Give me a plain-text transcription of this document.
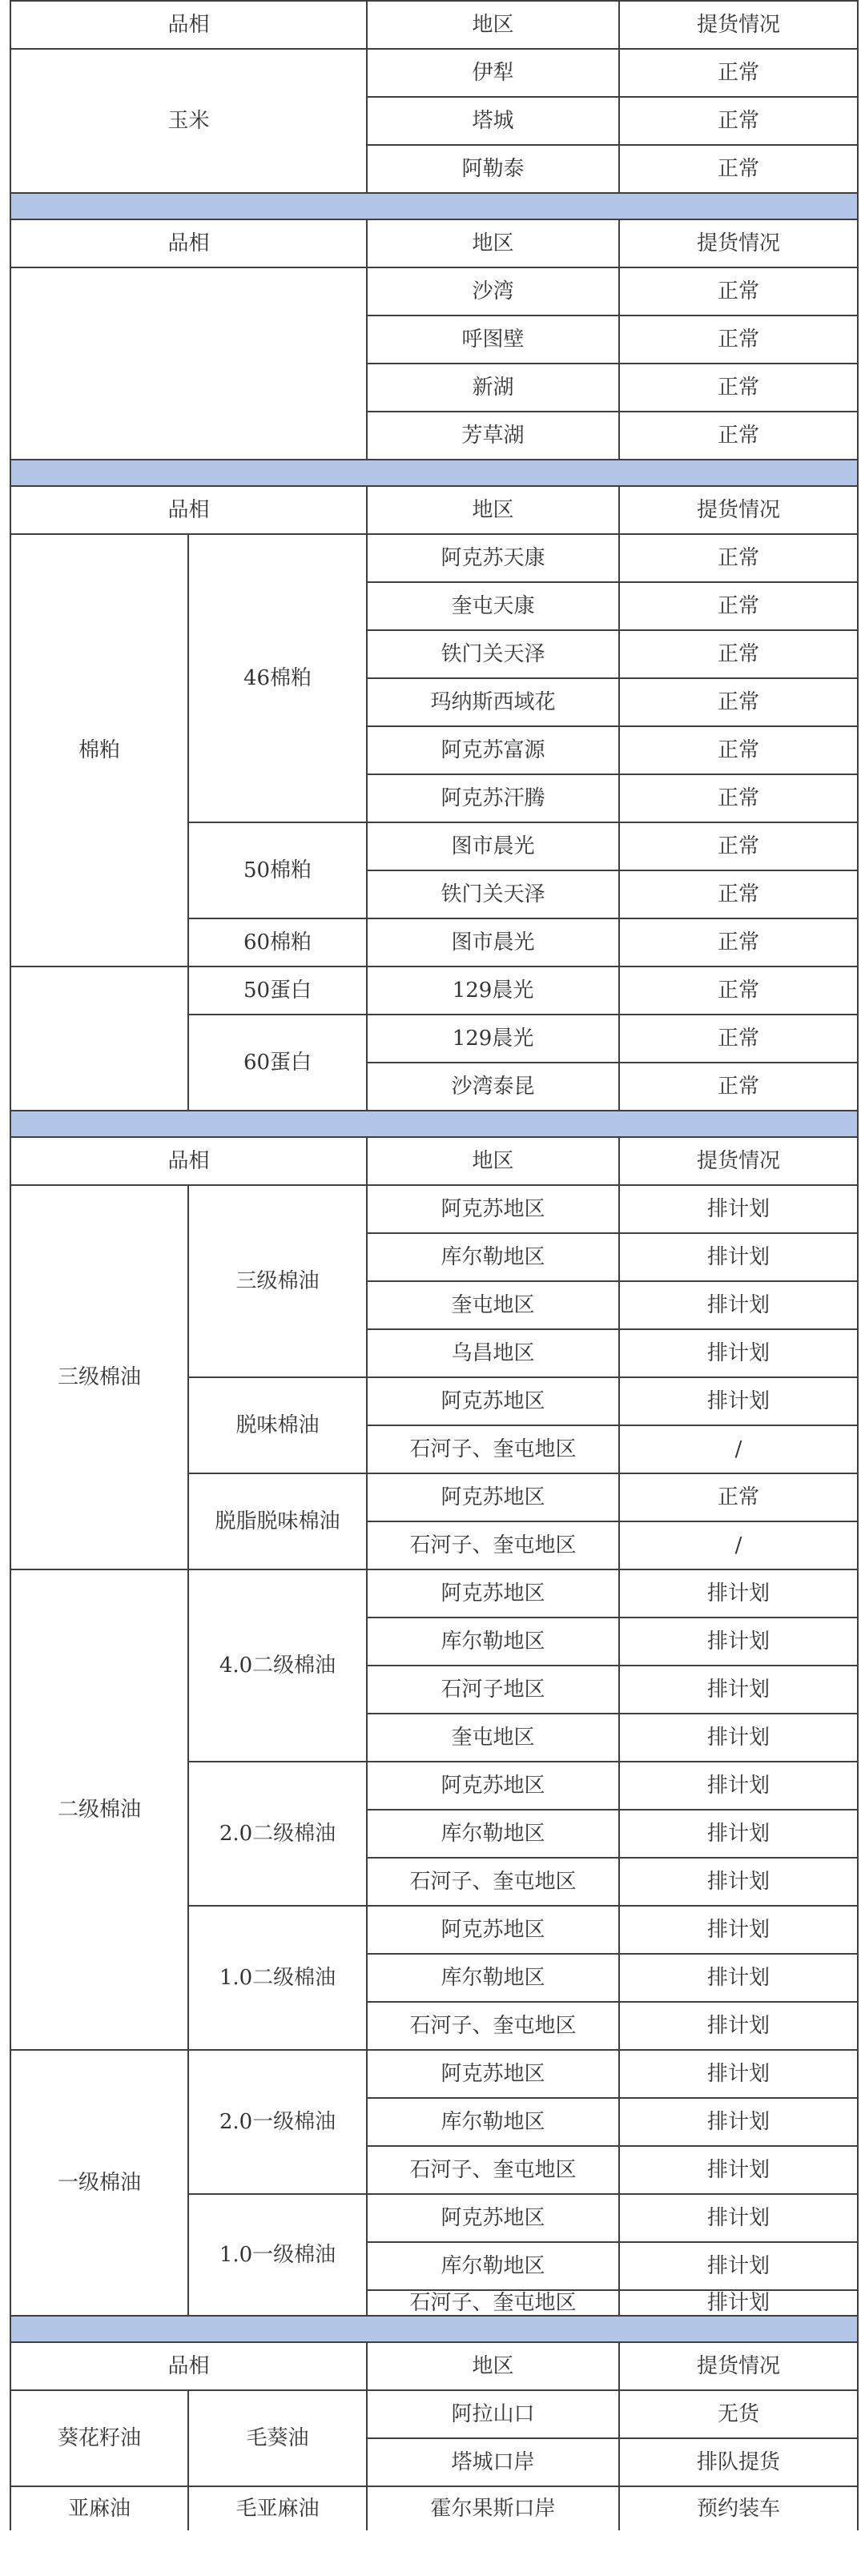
品相		地区	提货情况
玉米		伊犁	正常
		塔城	正常
		阿勒泰	正常

品相		地区	提货情况
		沙湾	正常
		呼图壁	正常
		新湖	正常
		芳草湖	正常

品相		地区	提货情况
棉粕	46棉粕	阿克苏天康	正常
		奎屯天康	正常
		铁门关天泽	正常
		玛纳斯西域花	正常
		阿克苏富源	正常
		阿克苏汗腾	正常
	50棉粕	图市晨光	正常
		铁门关天泽	正常
	60棉粕	图市晨光	正常
	50蛋白	129晨光	正常
	60蛋白	129晨光	正常
		沙湾泰昆	正常

品相		地区	提货情况
三级棉油	三级棉油	阿克苏地区	排计划
		库尔勒地区	排计划
		奎屯地区	排计划
		乌昌地区	排计划
	脱味棉油	阿克苏地区	排计划
		石河子、奎屯地区	/
	脱脂脱味棉油	阿克苏地区	正常
		石河子、奎屯地区	/
二级棉油	4.0二级棉油	阿克苏地区	排计划
		库尔勒地区	排计划
		石河子地区	排计划
		奎屯地区	排计划
	2.0二级棉油	阿克苏地区	排计划
		库尔勒地区	排计划
		石河子、奎屯地区	排计划
	1.0二级棉油	阿克苏地区	排计划
		库尔勒地区	排计划
		石河子、奎屯地区	排计划
一级棉油	2.0一级棉油	阿克苏地区	排计划
		库尔勒地区	排计划
		石河子、奎屯地区	排计划
	1.0一级棉油	阿克苏地区	排计划
		库尔勒地区	排计划
		石河子、奎屯地区	排计划

品相		地区	提货情况
葵花籽油	毛葵油	阿拉山口	无货
		塔城口岸	排队提货
亚麻油	毛亚麻油	霍尔果斯口岸	预约装车
